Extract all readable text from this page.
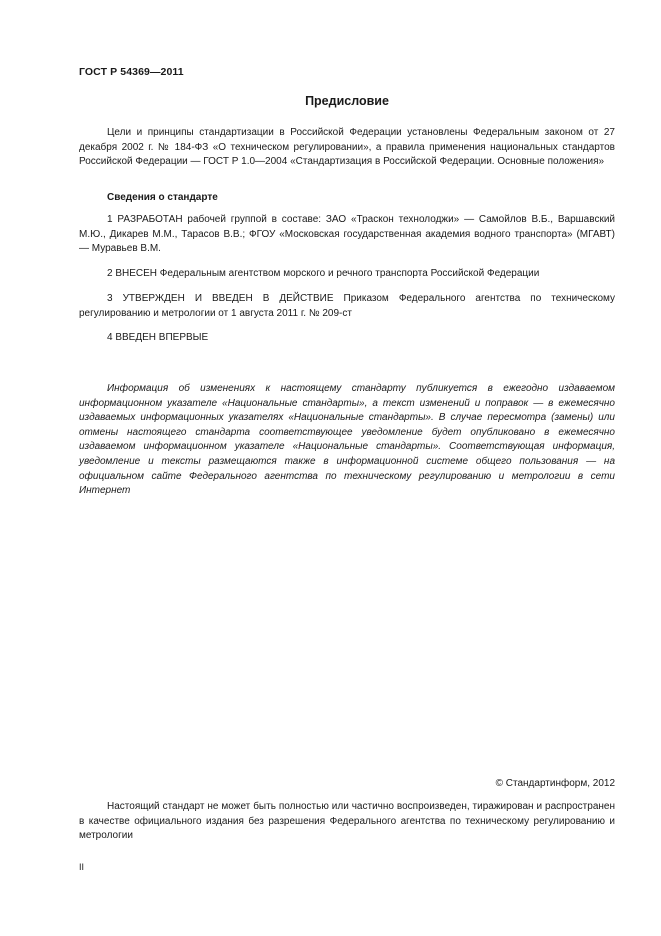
ГОСТ Р 54369—2011
Предисловие

Цели и принципы стандартизации в Российской Федерации установлены Федеральным законом от 27 декабря 2002 г. № 184-ФЗ «О техническом регулировании», а правила применения национальных стандартов Российской Федерации — ГОСТ Р 1.0—2004 «Стандартизация в Российской Федерации. Основные положения»

Сведения о стандарте

1 РАЗРАБОТАН рабочей группой в составе: ЗАО «Траскон технолоджи» — Самойлов В.Б., Варшавский М.Ю., Дикарев М.М., Тарасов В.В.; ФГОУ «Московская государственная академия водного транспорта» (МГАВТ) — Муравьев В.М.

2 ВНЕСЕН Федеральным агентством морского и речного транспорта Российской Федерации

3 УТВЕРЖДЕН И ВВЕДЕН В ДЕЙСТВИЕ Приказом Федерального агентства по техническому регулированию и метрологии от 1 августа 2011 г. № 209-ст

4 ВВЕДЕН ВПЕРВЫЕ

Информация об изменениях к настоящему стандарту публикуется в ежегодно издаваемом информационном указателе «Национальные стандарты», а текст изменений и поправок — в ежемесячно издаваемых информационных указателях «Национальные стандарты». В случае пересмотра (замены) или отмены настоящего стандарта соответствующее уведомление будет опубликовано в ежемесячно издаваемом информационном указателе «Национальные стандарты». Соответствующая информация, уведомление и тексты размещаются также в информационной системе общего пользования — на официальном сайте Федерального агентства по техническому регулированию и метрологии в сети Интернет

© Стандартинформ, 2012

Настоящий стандарт не может быть полностью или частично воспроизведен, тиражирован и распространен в качестве официального издания без разрешения Федерального агентства по техническому регулированию и метрологии

II
